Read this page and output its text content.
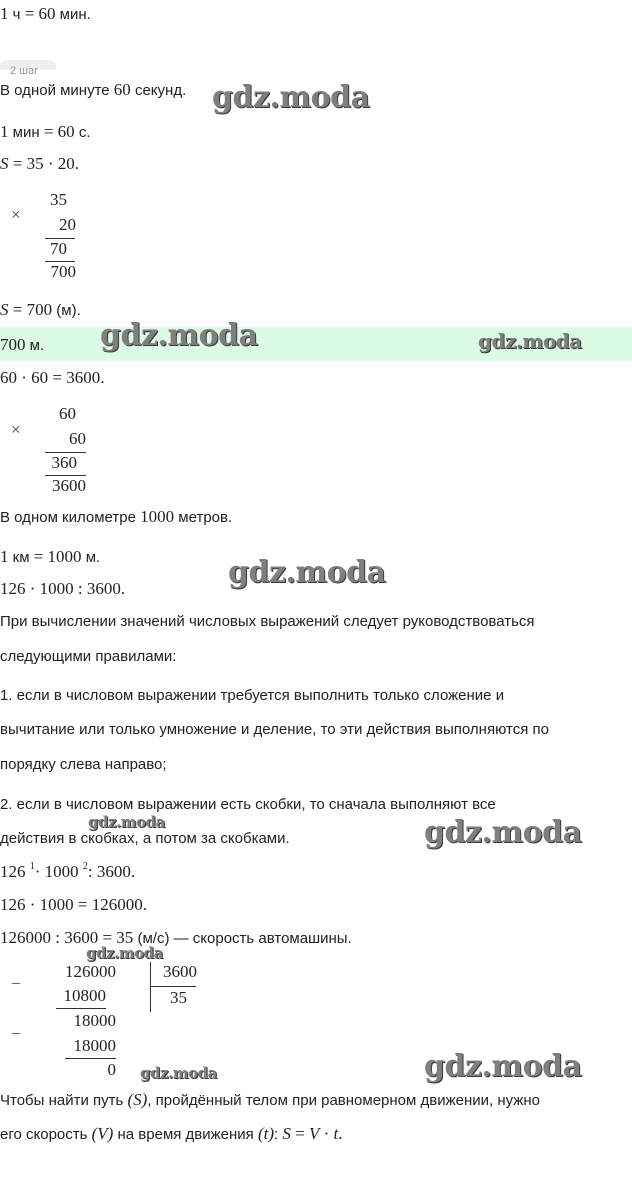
1 ч = 60 мин.
2 шаг
В одной минуте 60 секунд.
1 мин = 60 с.
S = 35 · 20.
×
35
20
70
700
S = 700 (м).
700 м.
60 · 60 = 3600.
×
60
60
360
3600
В одном километре 1000 метров.
1 км = 1000 м.
126 · 1000 : 3600.
При вычислении значений числовых выражений следует руководствоваться
следующими правилами:
1. если в числовом выражении требуется выполнить только сложение и
вычитание или только умножение и деление, то эти действия выполняются по
порядку слева направо;
2. если в числовом выражении есть скобки, то сначала выполняют все
действия в скобках, а потом за скобками.
126 $^1$· 1000 $^2$: 3600.
126 · 1000 = 126000.
126000 : 3600 = 35 (м/с) — скорость автомашины.
−
126000	3600
35
10800
−
18000
18000
0
Чтобы найти путь (S), пройдённый телом при равномерном движении, нужно
его скорость (V) на время движения (t): S = V · t.
gdz.moda
gdz.moda	gdz.moda
gdz.moda
gdz.moda	gdz.moda
gdz.moda
gdz.moda	gdz.moda
